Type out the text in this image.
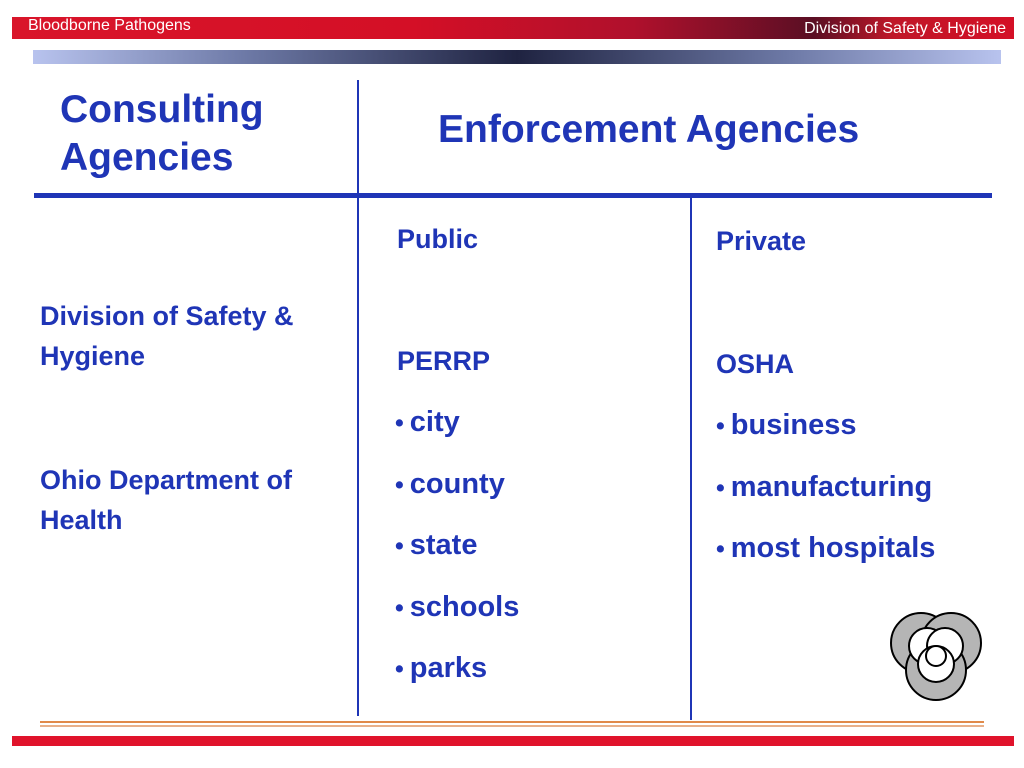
Bloodborne Pathogens	Division of Safety & Hygiene
Consulting Agencies
Enforcement Agencies

Division of Safety & Hygiene

Ohio Department of Health

Public
PERRP
• city
• county
• state
• schools
• parks
Private
OSHA
• business
• manufacturing
• most hospitals
